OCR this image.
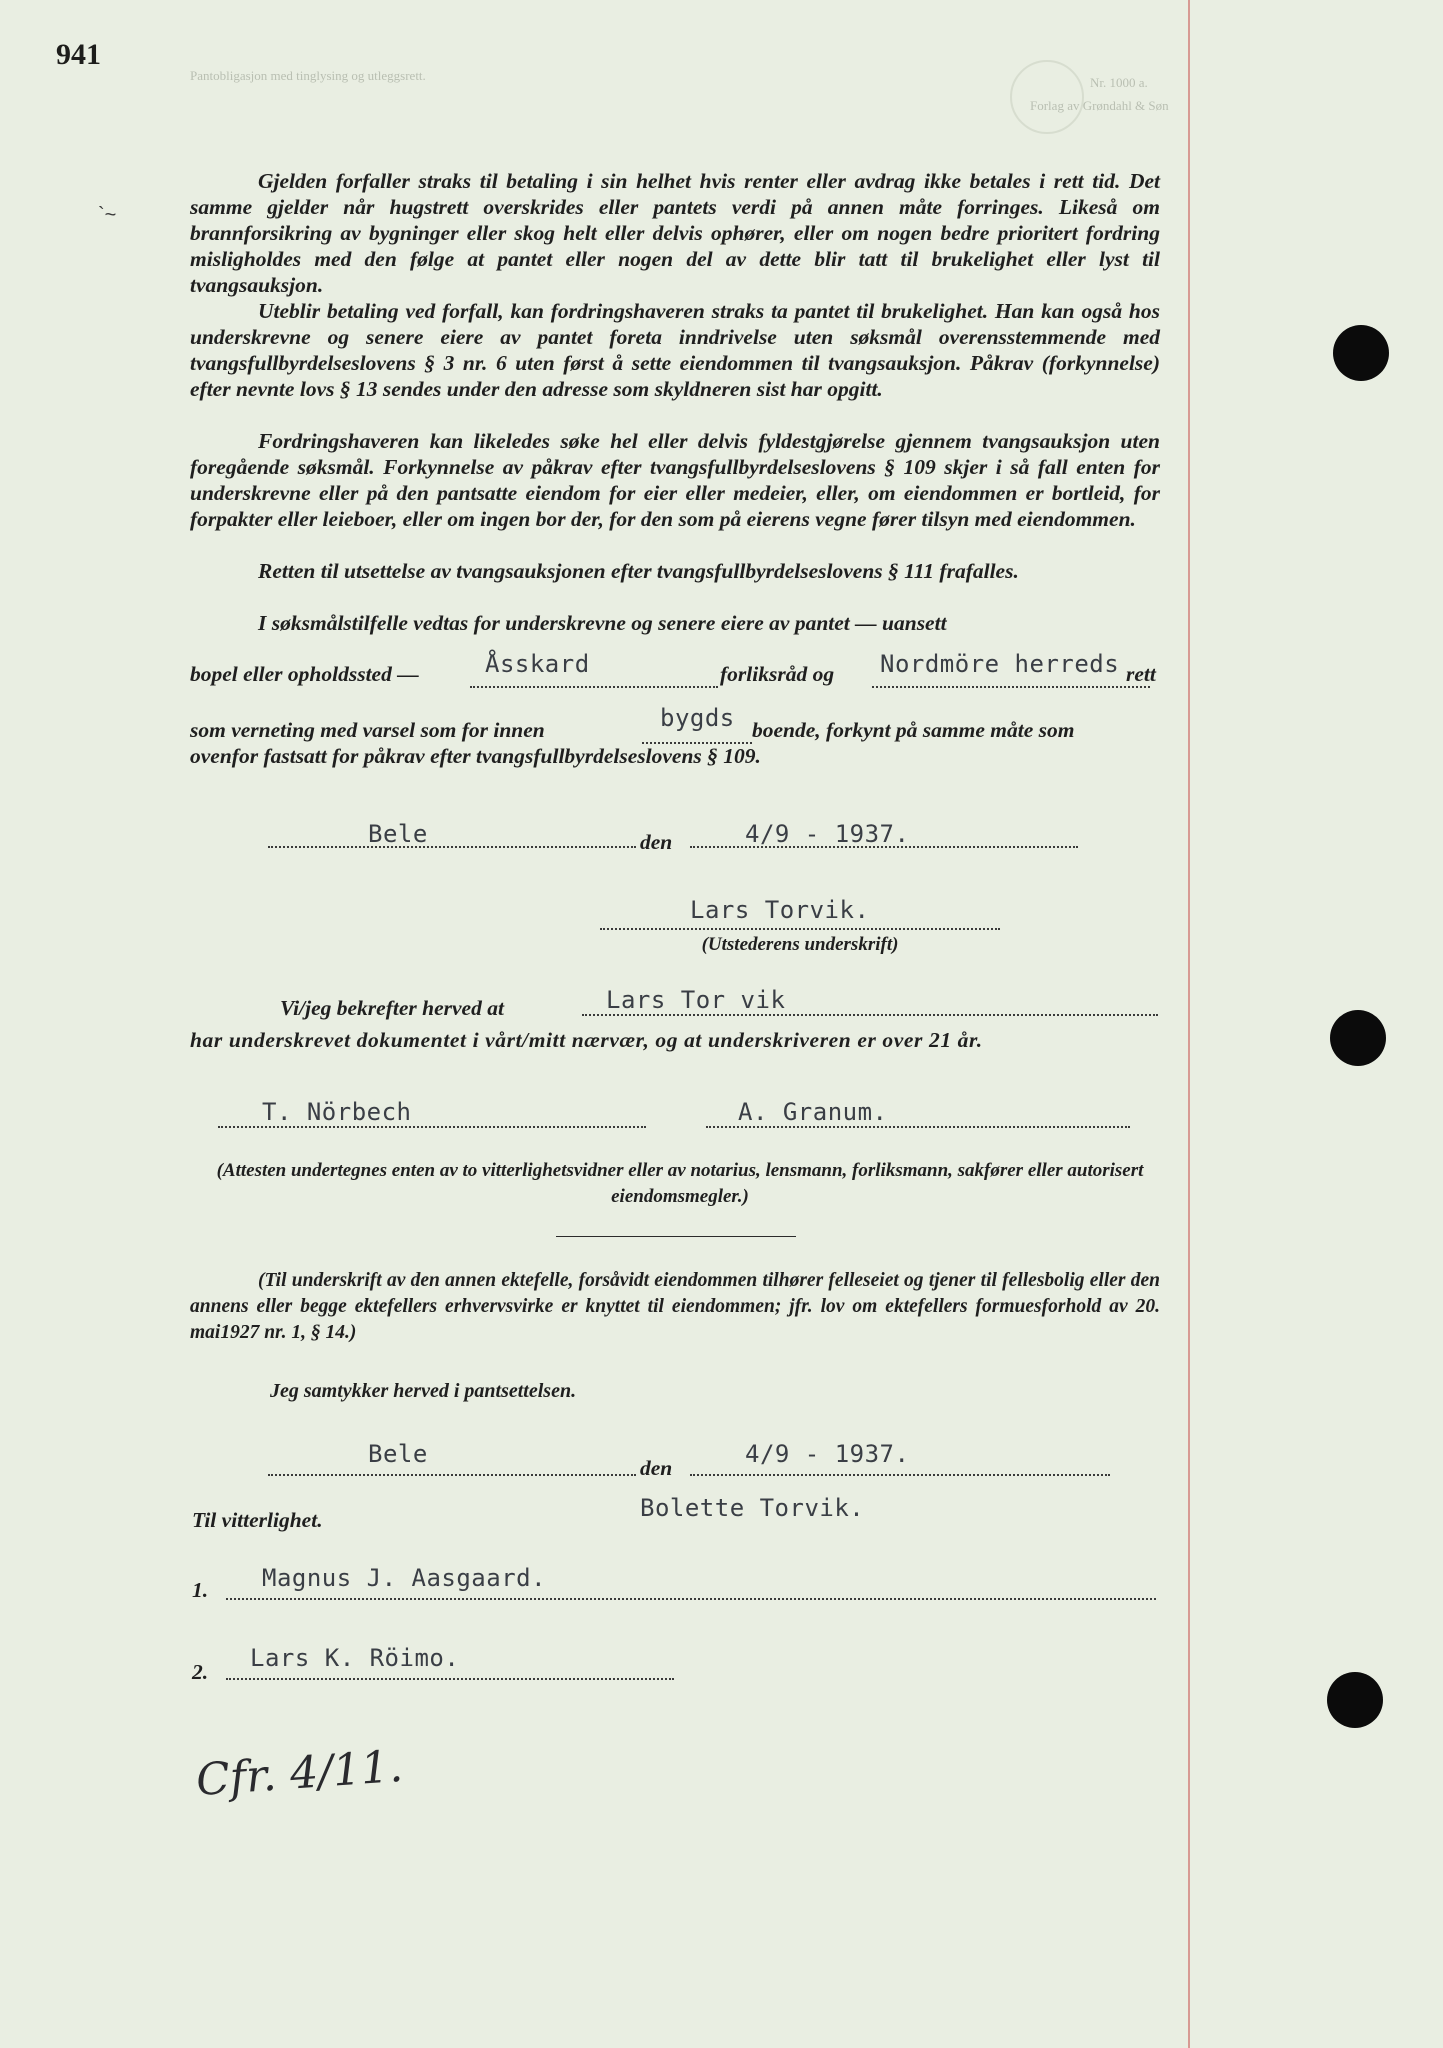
Pantobligasjon med tinglysing og utleggsrett.	Nr. 1000 a.
Forlag av Grøndahl & Søn
941
`~

Gjelden forfaller straks til betaling i sin helhet hvis renter eller avdrag ikke betales i rett tid. Det samme gjelder når hugstrett overskrides eller pantets verdi på annen måte forringes. Likeså om brannforsikring av bygninger eller skog helt eller delvis ophører, eller om nogen bedre prioritert fordring misligholdes med den følge at pantet eller nogen del av dette blir tatt til brukelighet eller lyst til tvangsauksjon.

Uteblir betaling ved forfall, kan fordringshaveren straks ta pantet til brukelighet. Han kan også hos underskrevne og senere eiere av pantet foreta inndrivelse uten søksmål overensstemmende med tvangsfullbyrdelseslovens § 3 nr. 6 uten først å sette eiendommen til tvangsauksjon. Påkrav (forkynnelse) efter nevnte lovs § 13 sendes under den adresse som skyldneren sist har opgitt.

Fordringshaveren kan likeledes søke hel eller delvis fyldestgjørelse gjennem tvangsauksjon uten foregående søksmål. Forkynnelse av påkrav efter tvangsfullbyrdelseslovens § 109 skjer i så fall enten for underskrevne eller på den pantsatte eiendom for eier eller medeier, eller, om eiendommen er bortleid, for forpakter eller leieboer, eller om ingen bor der, for den som på eierens vegne fører tilsyn med eiendommen.

Retten til utsettelse av tvangsauksjonen efter tvangsfullbyrdelseslovens § 111 frafalles.

I søksmålstilfelle vedtas for underskrevne og senere eiere av pantet — uansett

bopel eller opholdssted —	Åsskard	forliksråd og Nordmöre herreds rett
som verneting med varsel som for innen	bygds boende, forkynt på samme måte som
ovenfor fastsatt for påkrav efter tvangsfullbyrdelseslovens § 109.
Bele	den	4/9 - 1937.
Lars Torvik.
(Utstederens underskrift)
Vi/jeg bekrefter herved at	Lars Tor vik
har underskrevet dokumentet i vårt/mitt nærvær, og at underskriveren er over 21 år.
T. Nörbech	A. Granum.
(Attesten undertegnes enten av to vitterlighetsvidner eller av notarius, lensmann, forliksmann, sakfører eller autorisert eiendomsmegler.)

(Til underskrift av den annen ektefelle, forsåvidt eiendommen tilhører felleseiet og tjener til fellesbolig eller den annens eller begge ektefellers erhvervsvirke er knyttet til eiendommen; jfr. lov om ektefellers formuesforhold av 20. mai1927 nr. 1, § 14.)

Jeg samtykker herved i pantsettelsen.
Bele	den	4/9 - 1937.
Til vitterlighet.	Bolette Torvik.
1. Magnus J. Aasgaard.
2. Lars K. Röimo.
Cfr. 4/11.
